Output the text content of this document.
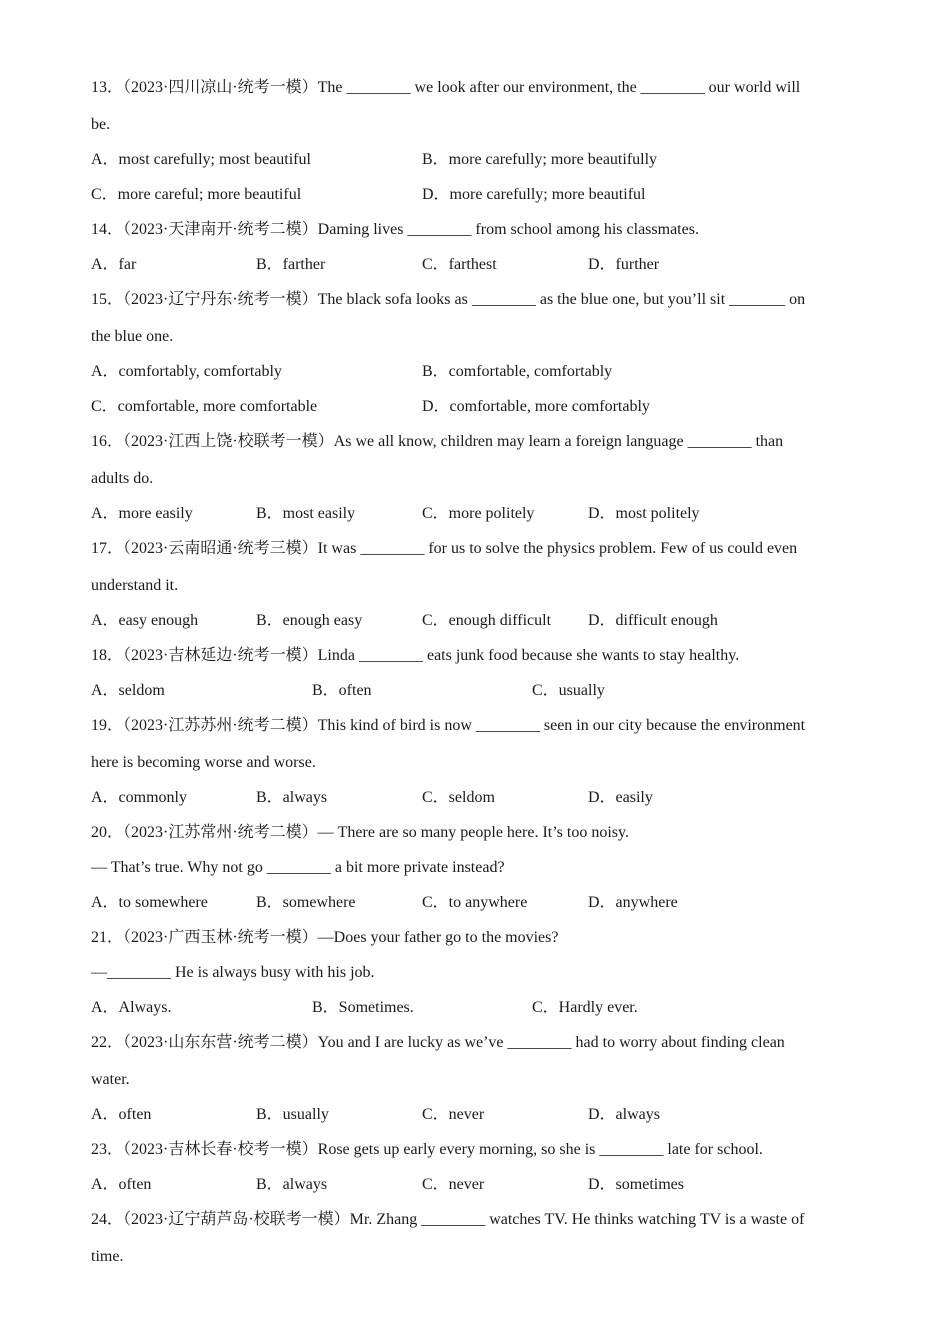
13．（2023·四川凉山·统考一模）The ________ we look after our environment, the ________ our world will
be.
A．most carefully; most beautiful	B．more carefully; more beautifully
C．more careful; more beautiful	D．more carefully; more beautiful
14．（2023·天津南开·统考二模）Daming lives ________ from school among his classmates.
A．far	B．farther	C．farthest	D．further
15．（2023·辽宁丹东·统考一模）The black sofa looks as ________ as the blue one, but you’ll sit _______ on
the blue one.
A．comfortably, comfortably	B．comfortable, comfortably
C．comfortable, more comfortable	D．comfortable, more comfortably
16．（2023·江西上饶·校联考一模）As we all know, children may learn a foreign language ________ than
adults do.
A．more easily	B．most easily	C．more politely	D．most politely
17．（2023·云南昭通·统考三模）It was ________ for us to solve the physics problem. Few of us could even
understand it.
A．easy enough	B．enough easy	C．enough difficult D．difficult enough
18．（2023·吉林延边·统考一模）Linda ________ eats junk food because she wants to stay healthy.
A．seldom	B．often	C．usually
19．（2023·江苏苏州·统考二模）This kind of bird is now ________ seen in our city because the environment
here is becoming worse and worse.
A．commonly	B．always	C．seldom	D．easily
20．（2023·江苏常州·统考二模）— There are so many people here. It’s too noisy.
— That’s true. Why not go ________ a bit more private instead?
A．to somewhere	B．somewhere	C．to anywhere	D．anywhere
21．（2023·广西玉林·统考一模）—Does your father go to the movies?
—________ He is always busy with his job.
A．Always.	B．Sometimes.	C．Hardly ever.
22．（2023·山东东营·统考二模）You and I are lucky as we’ve ________ had to worry about finding clean
water.
A．often	B．usually	C．never	D．always
23．（2023·吉林长春·校考一模）Rose gets up early every morning, so she is ________ late for school.
A．often	B．always	C．never	D．sometimes
24．（2023·辽宁葫芦岛·校联考一模）Mr. Zhang ________ watches TV. He thinks watching TV is a waste of
time.
